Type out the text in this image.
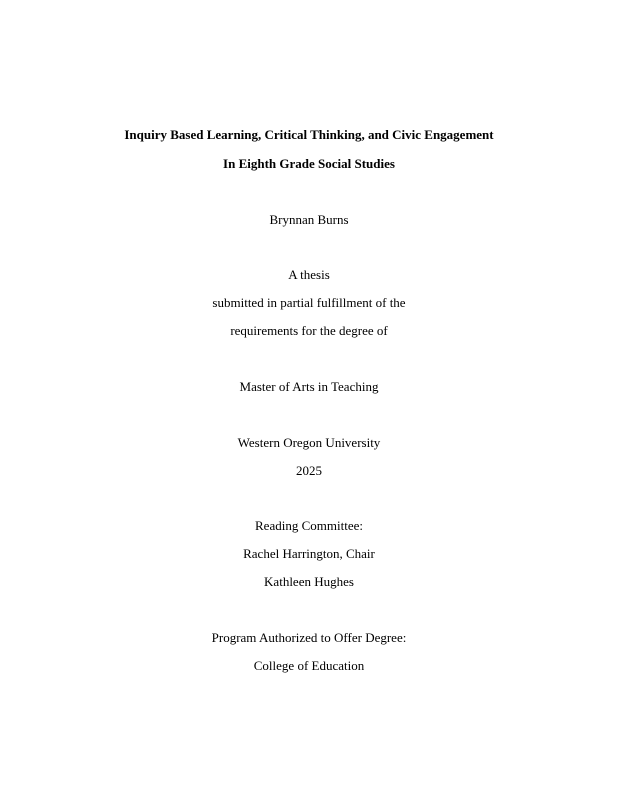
Inquiry Based Learning, Critical Thinking, and Civic Engagement
In Eighth Grade Social Studies
Brynnan Burns
A thesis
submitted in partial fulfillment of the
requirements for the degree of
Master of Arts in Teaching
Western Oregon University
2025
Reading Committee:
Rachel Harrington, Chair
Kathleen Hughes
Program Authorized to Offer Degree:
College of Education
